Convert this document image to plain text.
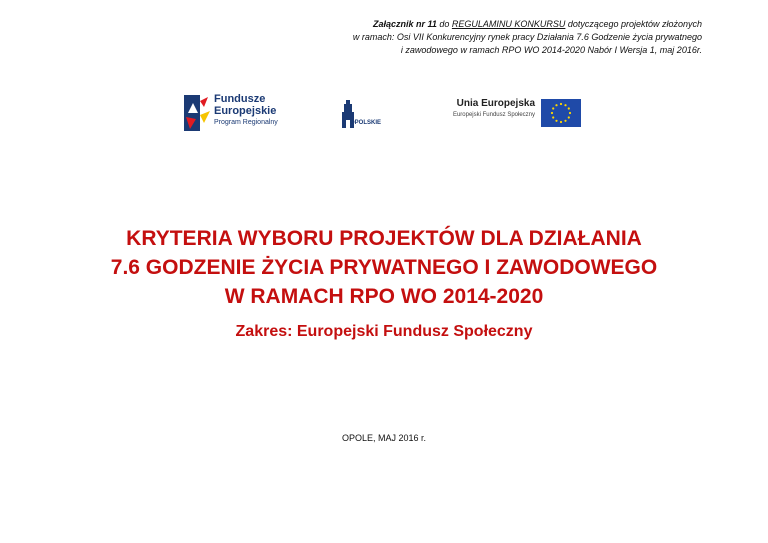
Załącznik nr 11 do REGULAMINU KONKURSU dotyczącego projektów złożonych
w ramach: Osi VII Konkurencyjny rynek pracy Działania 7.6 Godzenie życia prywatnego
i zawodowego w ramach RPO WO 2014-2020 Nabór I Wersja 1, maj 2016r.
Fundusze
Europejskie
Program Regionalny	OPOLSKIE
Unia Europejska
Europejski Fundusz Społeczny
KRYTERIA WYBORU PROJEKTÓW DLA DZIAŁANIA
7.6 GODZENIE ŻYCIA PRYWATNEGO I ZAWODOWEGO
W RAMACH RPO WO 2014-2020
Zakres: Europejski Fundusz Społeczny
OPOLE, MAJ 2016 r.
